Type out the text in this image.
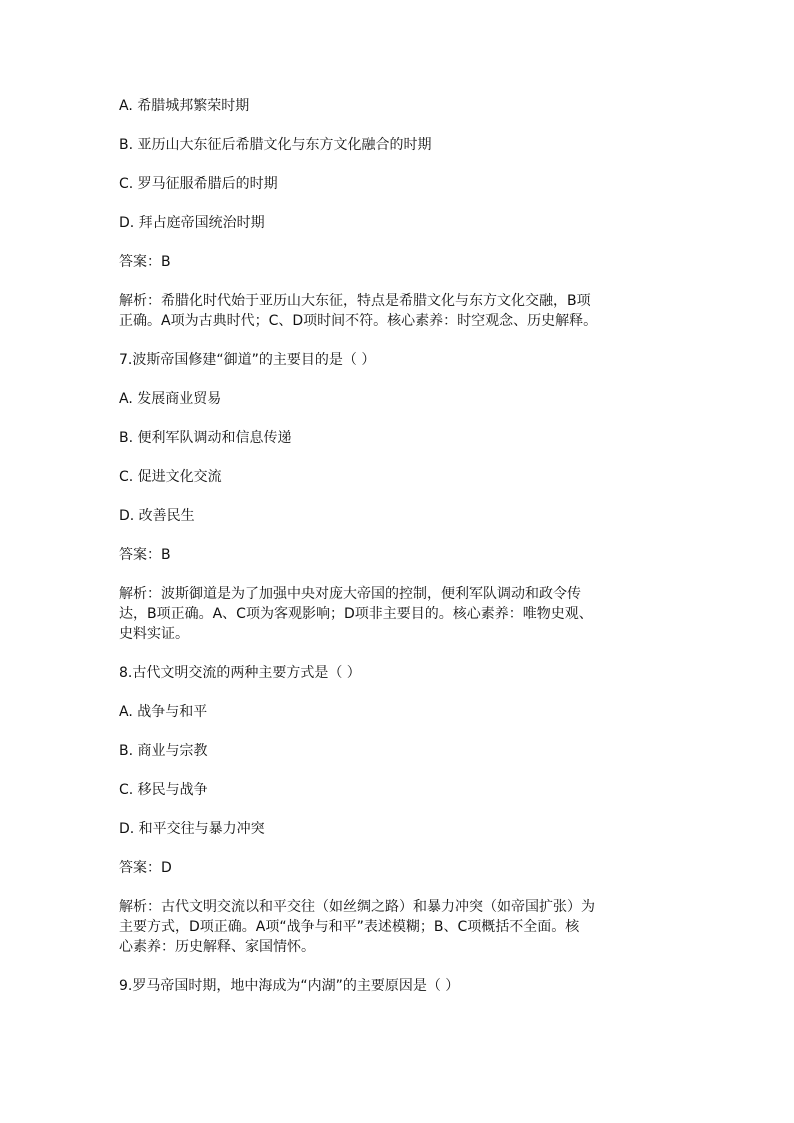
A. 希腊城邦繁荣时期

B. 亚历山大东征后希腊文化与东方文化融合的时期

C. 罗马征服希腊后的时期

D. 拜占庭帝国统治时期

答案：B

解析：希腊化时代始于亚历山大东征，特点是希腊文化与东方文化交融，B项

正确。A项为古典时代；C、D项时间不符。核心素养：时空观念、历史解释。

7.波斯帝国修建“御道”的主要目的是（ ）

A. 发展商业贸易

B. 便利军队调动和信息传递

C. 促进文化交流

D. 改善民生

答案：B

解析：波斯御道是为了加强中央对庞大帝国的控制，便利军队调动和政令传

达，B项正确。A、C项为客观影响；D项非主要目的。核心素养：唯物史观、

史料实证。

8.古代文明交流的两种主要方式是（ ）

A. 战争与和平

B. 商业与宗教

C. 移民与战争

D. 和平交往与暴力冲突

答案：D

解析：古代文明交流以和平交往（如丝绸之路）和暴力冲突（如帝国扩张）为

主要方式，D项正确。A项“战争与和平”表述模糊；B、C项概括不全面。核

心素养：历史解释、家国情怀。

9.罗马帝国时期，地中海成为“内湖”的主要原因是（ ）
